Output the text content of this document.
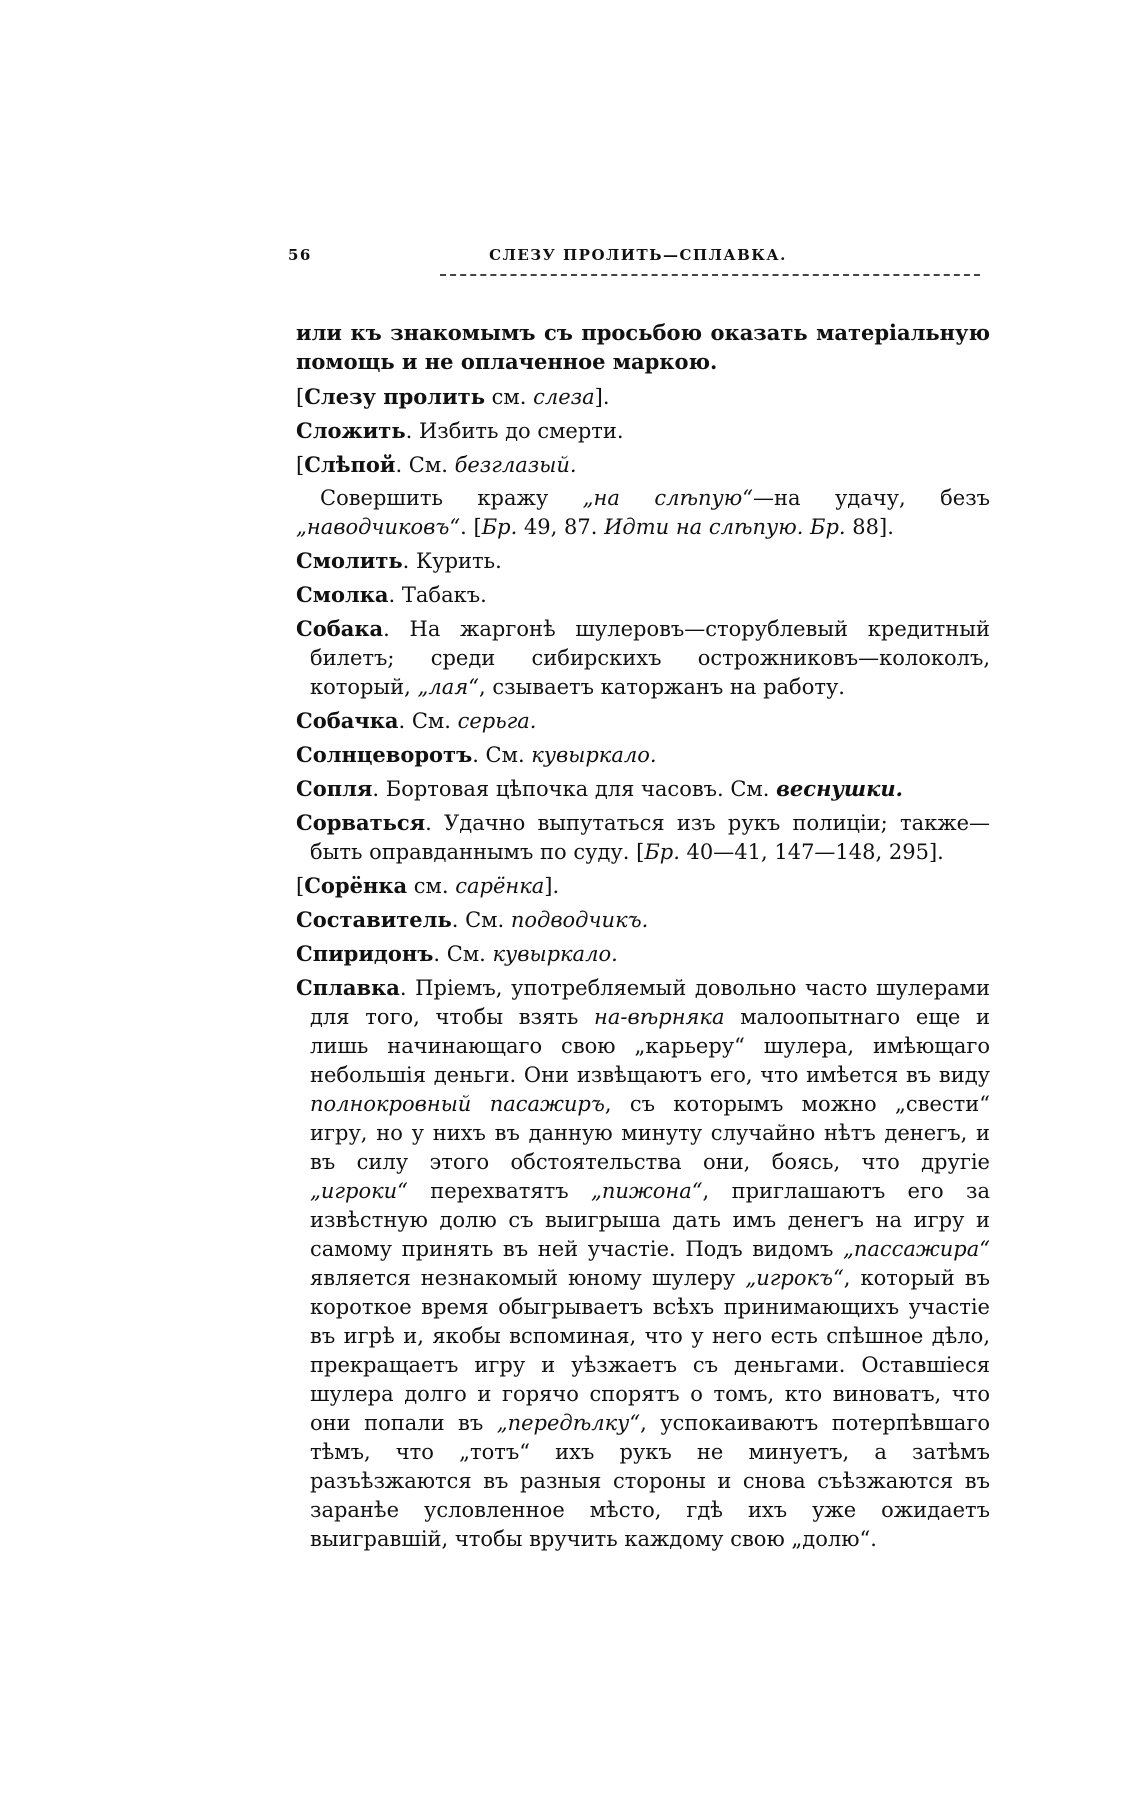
56	СЛЕЗУ ПРОЛИТЬ—СПЛАВКА.

или къ знакомымъ съ просьбою оказать матеріальную помощь и не оплаченное маркою.

[Слезу пролить см. слеза].

Сложить. Избить до смерти.

[Слѣпой. См. безглазый.

Совершить кражу „на слѣпую“—на удачу, безъ „наводчиковъ“. [Бр. 49, 87. Идти на слѣпую. Бр. 88].

Смолить. Курить.

Смолка. Табакъ.

Собака. На жаргонѣ шулеровъ—сторублевый кредитный билетъ; среди сибирскихъ острожниковъ—колоколъ, который, „лая“, сзываетъ каторжанъ на работу.

Собачка. См. серьга.

Солнцеворотъ. См. кувыркало.

Сопля. Бортовая цѣпочка для часовъ. См. веснушки.

Сорваться. Удачно выпутаться изъ рукъ полиціи; также—быть оправданнымъ по суду. [Бр. 40—41, 147—148, 295].

[Сорёнка см. сарёнка].

Составитель. См. подводчикъ.

Спиридонъ. См. кувыркало.

Сплавка. Пріемъ, употребляемый довольно часто шулерами для того, чтобы взять на-вѣрняка малоопытнаго еще и лишь начинающаго свою „карьеру“ шулера, имѣющаго небольшія деньги. Они извѣщаютъ его, что имѣется въ виду полнокровный пасажиръ, съ которымъ можно „свести“ игру, но у нихъ въ данную минуту случайно нѣтъ денегъ, и въ силу этого обстоятельства они, боясь, что другіе „игроки“ перехватятъ „пижона“, приглашаютъ его за извѣстную долю съ выигрыша дать имъ денегъ на игру и самому принять въ ней участіе. Подъ видомъ „пассажира“ является незнакомый юному шулеру „игрокъ“, который въ короткое время обыгрываетъ всѣхъ принимающихъ участіе въ игрѣ и, якобы вспоминая, что у него есть спѣшное дѣло, прекращаетъ игру и уѣзжаетъ съ деньгами. Оставшіеся шулера долго и горячо спорятъ о томъ, кто виноватъ, что они попали въ „передѣлку“, успокаиваютъ потерпѣвшаго тѣмъ, что „тотъ“ ихъ рукъ не минуетъ, а затѣмъ разъѣзжаются въ разныя стороны и снова съѣзжаются въ заранѣе условленное мѣсто, гдѣ ихъ уже ожидаетъ выигравшій, чтобы вручить каждому свою „долю“.
